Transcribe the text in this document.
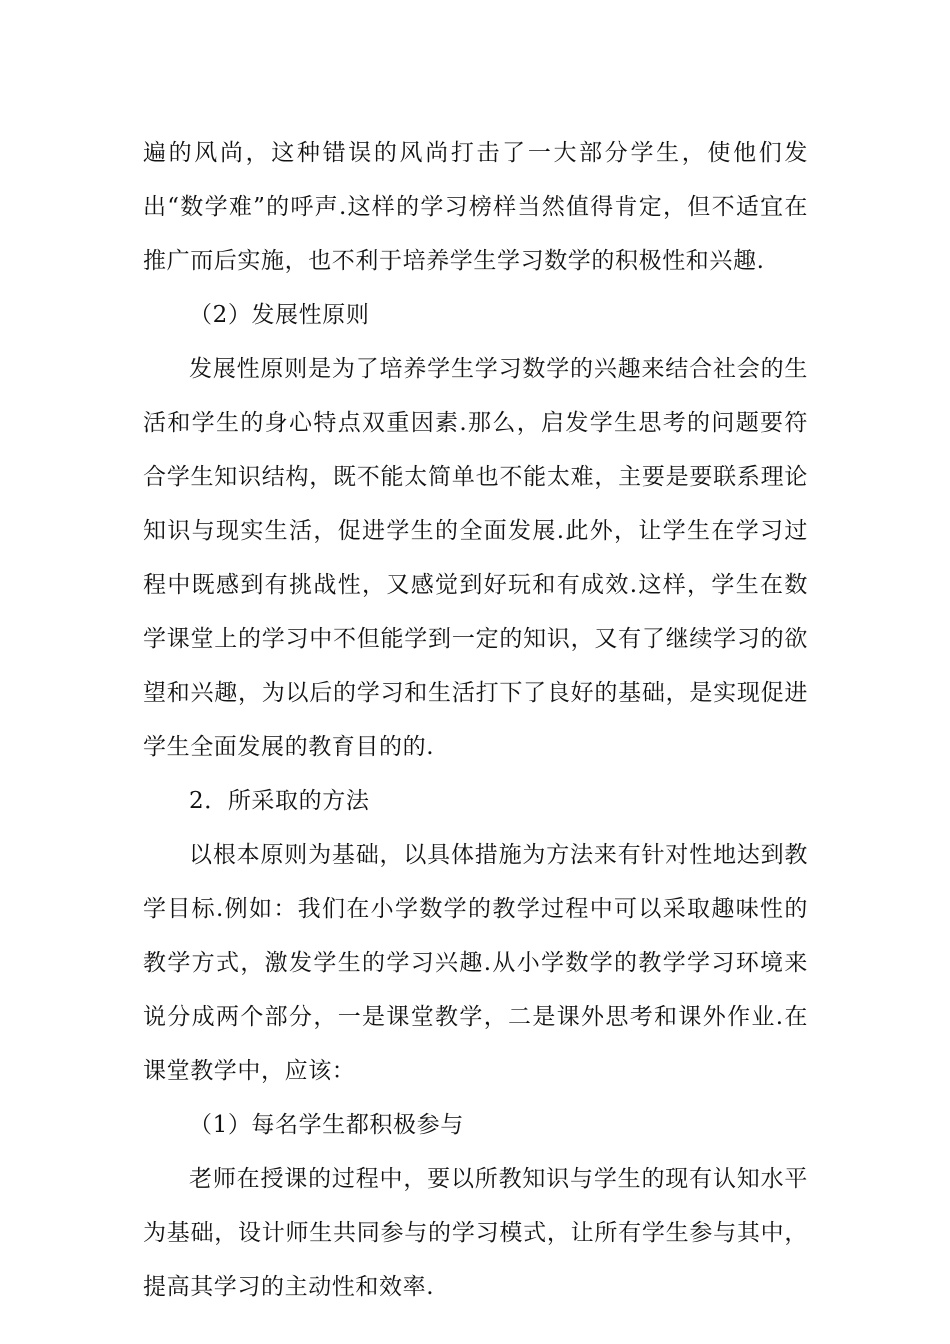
遍的风尚，这种错误的风尚打击了一大部分学生，使他们发出“数学难”的呼声.这样的学习榜样当然值得肯定，但不适宜在推广而后实施，也不利于培养学生学习数学的积极性和兴趣.

（2）发展性原则

发展性原则是为了培养学生学习数学的兴趣来结合社会的生活和学生的身心特点双重因素.那么，启发学生思考的问题要符合学生知识结构，既不能太简单也不能太难，主要是要联系理论知识与现实生活，促进学生的全面发展.此外，让学生在学习过程中既感到有挑战性，又感觉到好玩和有成效.这样，学生在数学课堂上的学习中不但能学到一定的知识，又有了继续学习的欲望和兴趣，为以后的学习和生活打下了良好的基础，是实现促进学生全面发展的教育目的的.

2．所采取的方法

以根本原则为基础，以具体措施为方法来有针对性地达到教学目标.例如：我们在小学数学的教学过程中可以采取趣味性的教学方式，激发学生的学习兴趣.从小学数学的教学学习环境来说分成两个部分，一是课堂教学，二是课外思考和课外作业.在课堂教学中，应该：

（1）每名学生都积极参与

老师在授课的过程中，要以所教知识与学生的现有认知水平为基础，设计师生共同参与的学习模式，让所有学生参与其中，提高其学习的主动性和效率.
